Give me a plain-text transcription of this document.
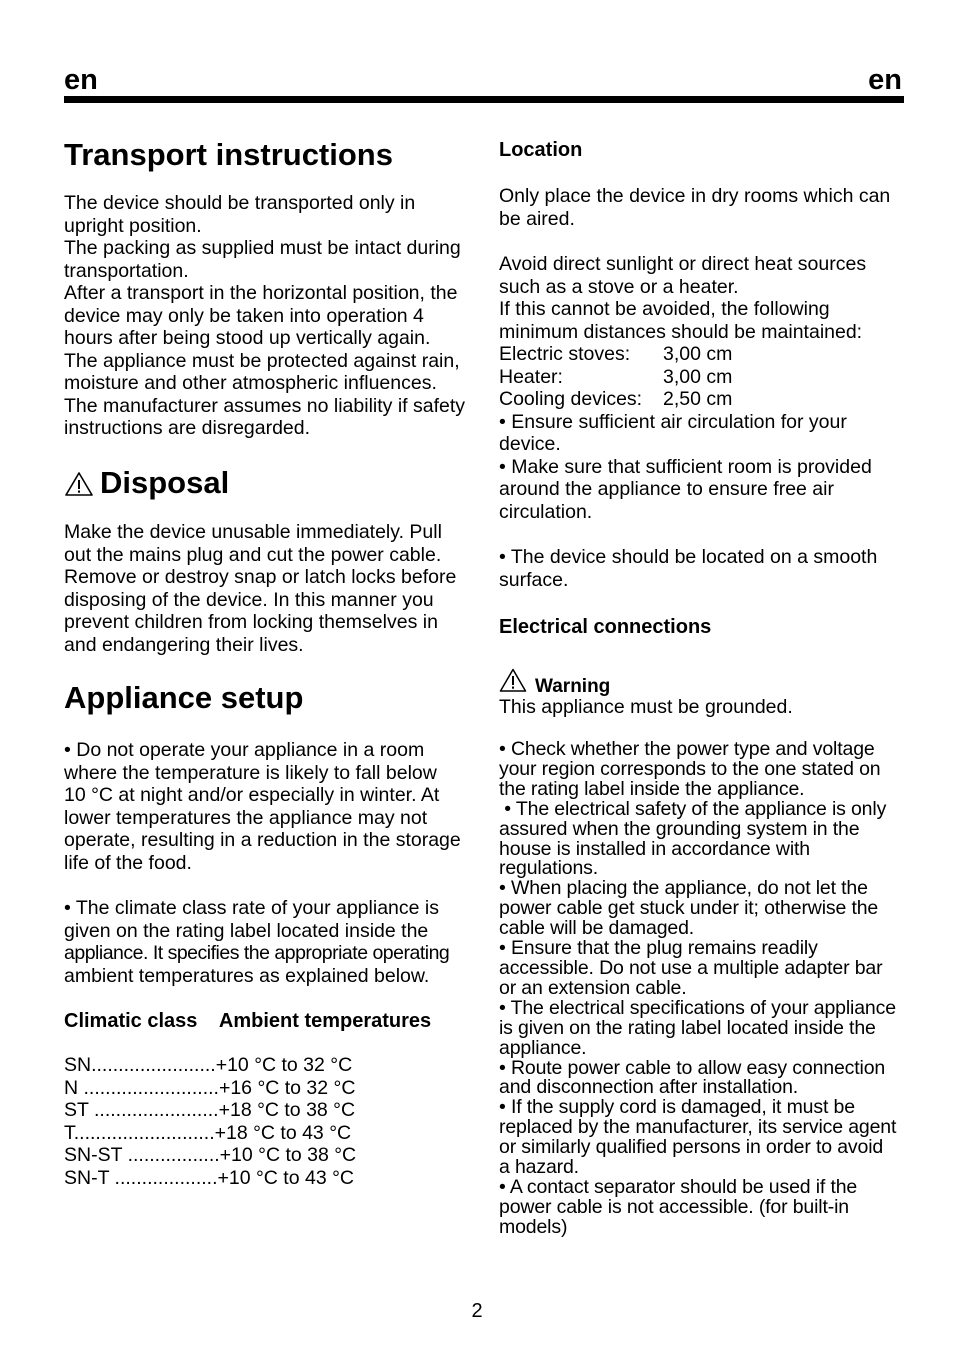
en	en
Transport instructions
The device should be transported only in
upright position.
The packing as supplied must be intact during
transportation.
After a transport in the horizontal position, the
device may only be taken into operation 4
hours after being stood up vertically again.
The appliance must be protected against rain,
moisture and other atmospheric influences.
The manufacturer assumes no liability if safety
instructions are disregarded.
Disposal
Make the device unusable immediately. Pull
out the mains plug and cut the power cable.
Remove or destroy snap or latch locks before
disposing of the device. In this manner you
prevent children from locking themselves in
and endangering their lives.
Appliance setup
• Do not operate your appliance in a room
where the temperature is likely to fall below
10 °C at night and/or especially in winter. At
lower temperatures the appliance may not
operate, resulting in a reduction in the storage
life of the food.
• The climate class rate of your appliance is
given on the rating label located inside the
appliance. It specifies the appropriate operating
ambient temperatures as explained below.
Climatic class    Ambient temperatures
SN.......................+10 °C to 32 °C
N .........................+16 °C to 32 °C
ST .......................+18 °C to 38 °C
T..........................+18 °C to 43 °C
SN-ST .................+10 °C to 38 °C
SN-T ...................+10 °C to 43 °C
Location
Only place the device in dry rooms which can
be aired.
Avoid direct sunlight or direct heat sources
such as a stove or a heater.
If this cannot be avoided, the following
minimum distances should be maintained:
Electric stoves: 3,00 cm
Heater:	3,00 cm
Cooling devices: 2,50 cm
• Ensure sufficient air circulation for your
device.
• Make sure that sufficient room is provided
around the appliance to ensure free air
circulation.
• The device should be located on a smooth
surface.
Electrical connections
Warning
This appliance must be grounded.
• Check whether the power type and voltage
your region corresponds to the one stated on
the rating label inside the appliance.
• The electrical safety of the appliance is only
assured when the grounding system in the
house is installed in accordance with
regulations.
• When placing the appliance, do not let the
power cable get stuck under it; otherwise the
cable will be damaged.
• Ensure that the plug remains readily
accessible. Do not use a multiple adapter bar
or an extension cable.
• The electrical specifications of your appliance
is given on the rating label located inside the
appliance.
• Route power cable to allow easy connection
and disconnection after installation.
• If the supply cord is damaged, it must be
replaced by the manufacturer, its service agent
or similarly qualified persons in order to avoid
a hazard.
• A contact separator should be used if the
power cable is not accessible. (for built-in
models)
2
